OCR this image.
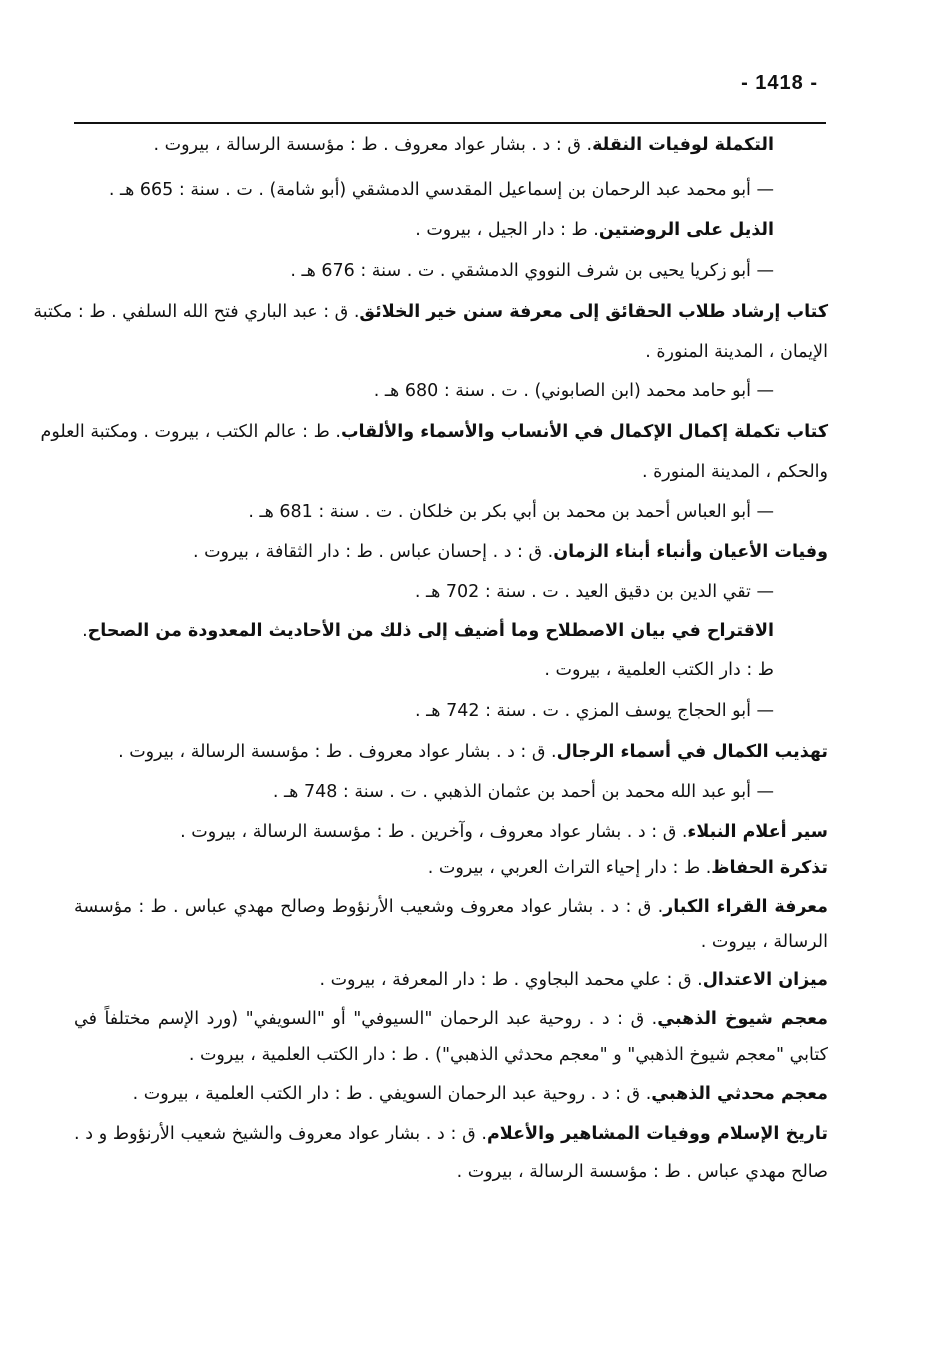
- 1418 -
التكملة لوفيات النقلة. ق : د . بشار عواد معروف . ط : مؤسسة الرسالة ، بيروت .
— أبو محمد عبد الرحمان بن إسماعيل المقدسي الدمشقي (أبو شامة) . ت . سنة : 665 هـ .
الذيل على الروضتين. ط : دار الجيل ، بيروت .
— أبو زكريا يحيى بن شرف النووي الدمشقي . ت . سنة : 676 هـ .
كتاب إرشاد طلاب الحقائق إلى معرفة سنن خير الخلائق. ق : عبد الباري فتح الله السلفي . ط : مكتبة
الإيمان ، المدينة المنورة .
— أبو حامد محمد (ابن الصابوني) . ت . سنة : 680 هـ .
كتاب تكملة إكمال الإكمال في الأنساب والأسماء والألقاب. ط : عالم الكتب ، بيروت . ومكتبة العلوم
والحكم ، المدينة المنورة .
— أبو العباس أحمد بن محمد بن أبي بكر بن خلكان . ت . سنة : 681 هـ .
وفيات الأعيان وأنباء أبناء الزمان. ق : د . إحسان عباس . ط : دار الثقافة ، بيروت .
— تقي الدين بن دقيق العيد . ت . سنة : 702 هـ .
الاقتراح في بيان الاصطلاح وما أضيف إلى ذلك من الأحاديث المعدودة من الصحاح.
ط : دار الكتب العلمية ، بيروت .
— أبو الحجاج يوسف المزي . ت . سنة : 742 هـ .
تهذيب الكمال في أسماء الرجال. ق : د . بشار عواد معروف . ط : مؤسسة الرسالة ، بيروت .
— أبو عبد الله محمد بن أحمد بن عثمان الذهبي . ت . سنة : 748 هـ .
سير أعلام النبلاء. ق : د . بشار عواد معروف ، وآخرين . ط : مؤسسة الرسالة ، بيروت .
تذكرة الحفاظ. ط : دار إحياء التراث العربي ، بيروت .
معرفة القراء الكبار. ق : د . بشار عواد معروف وشعيب الأرنؤوط وصالح مهدي عباس . ط : مؤسسة
الرسالة ، بيروت .
ميزان الاعتدال. ق : علي محمد البجاوي . ط : دار المعرفة ، بيروت .
معجم شيوخ الذهبي. ق : د . روحية عبد الرحمان "السيوفي" أو "السويفي" (ورد الإسم مختلفاً في
كتابي "معجم شيوخ الذهبي" و "معجم محدثي الذهبي") . ط : دار الكتب العلمية ، بيروت .
معجم محدثي الذهبي. ق : د . روحية عبد الرحمان السويفي . ط : دار الكتب العلمية ، بيروت .
تاريخ الإسلام ووفيات المشاهير والأعلام. ق : د . بشار عواد معروف والشيخ شعيب الأرنؤوط و د .
صالح مهدي عباس . ط : مؤسسة الرسالة ، بيروت .
